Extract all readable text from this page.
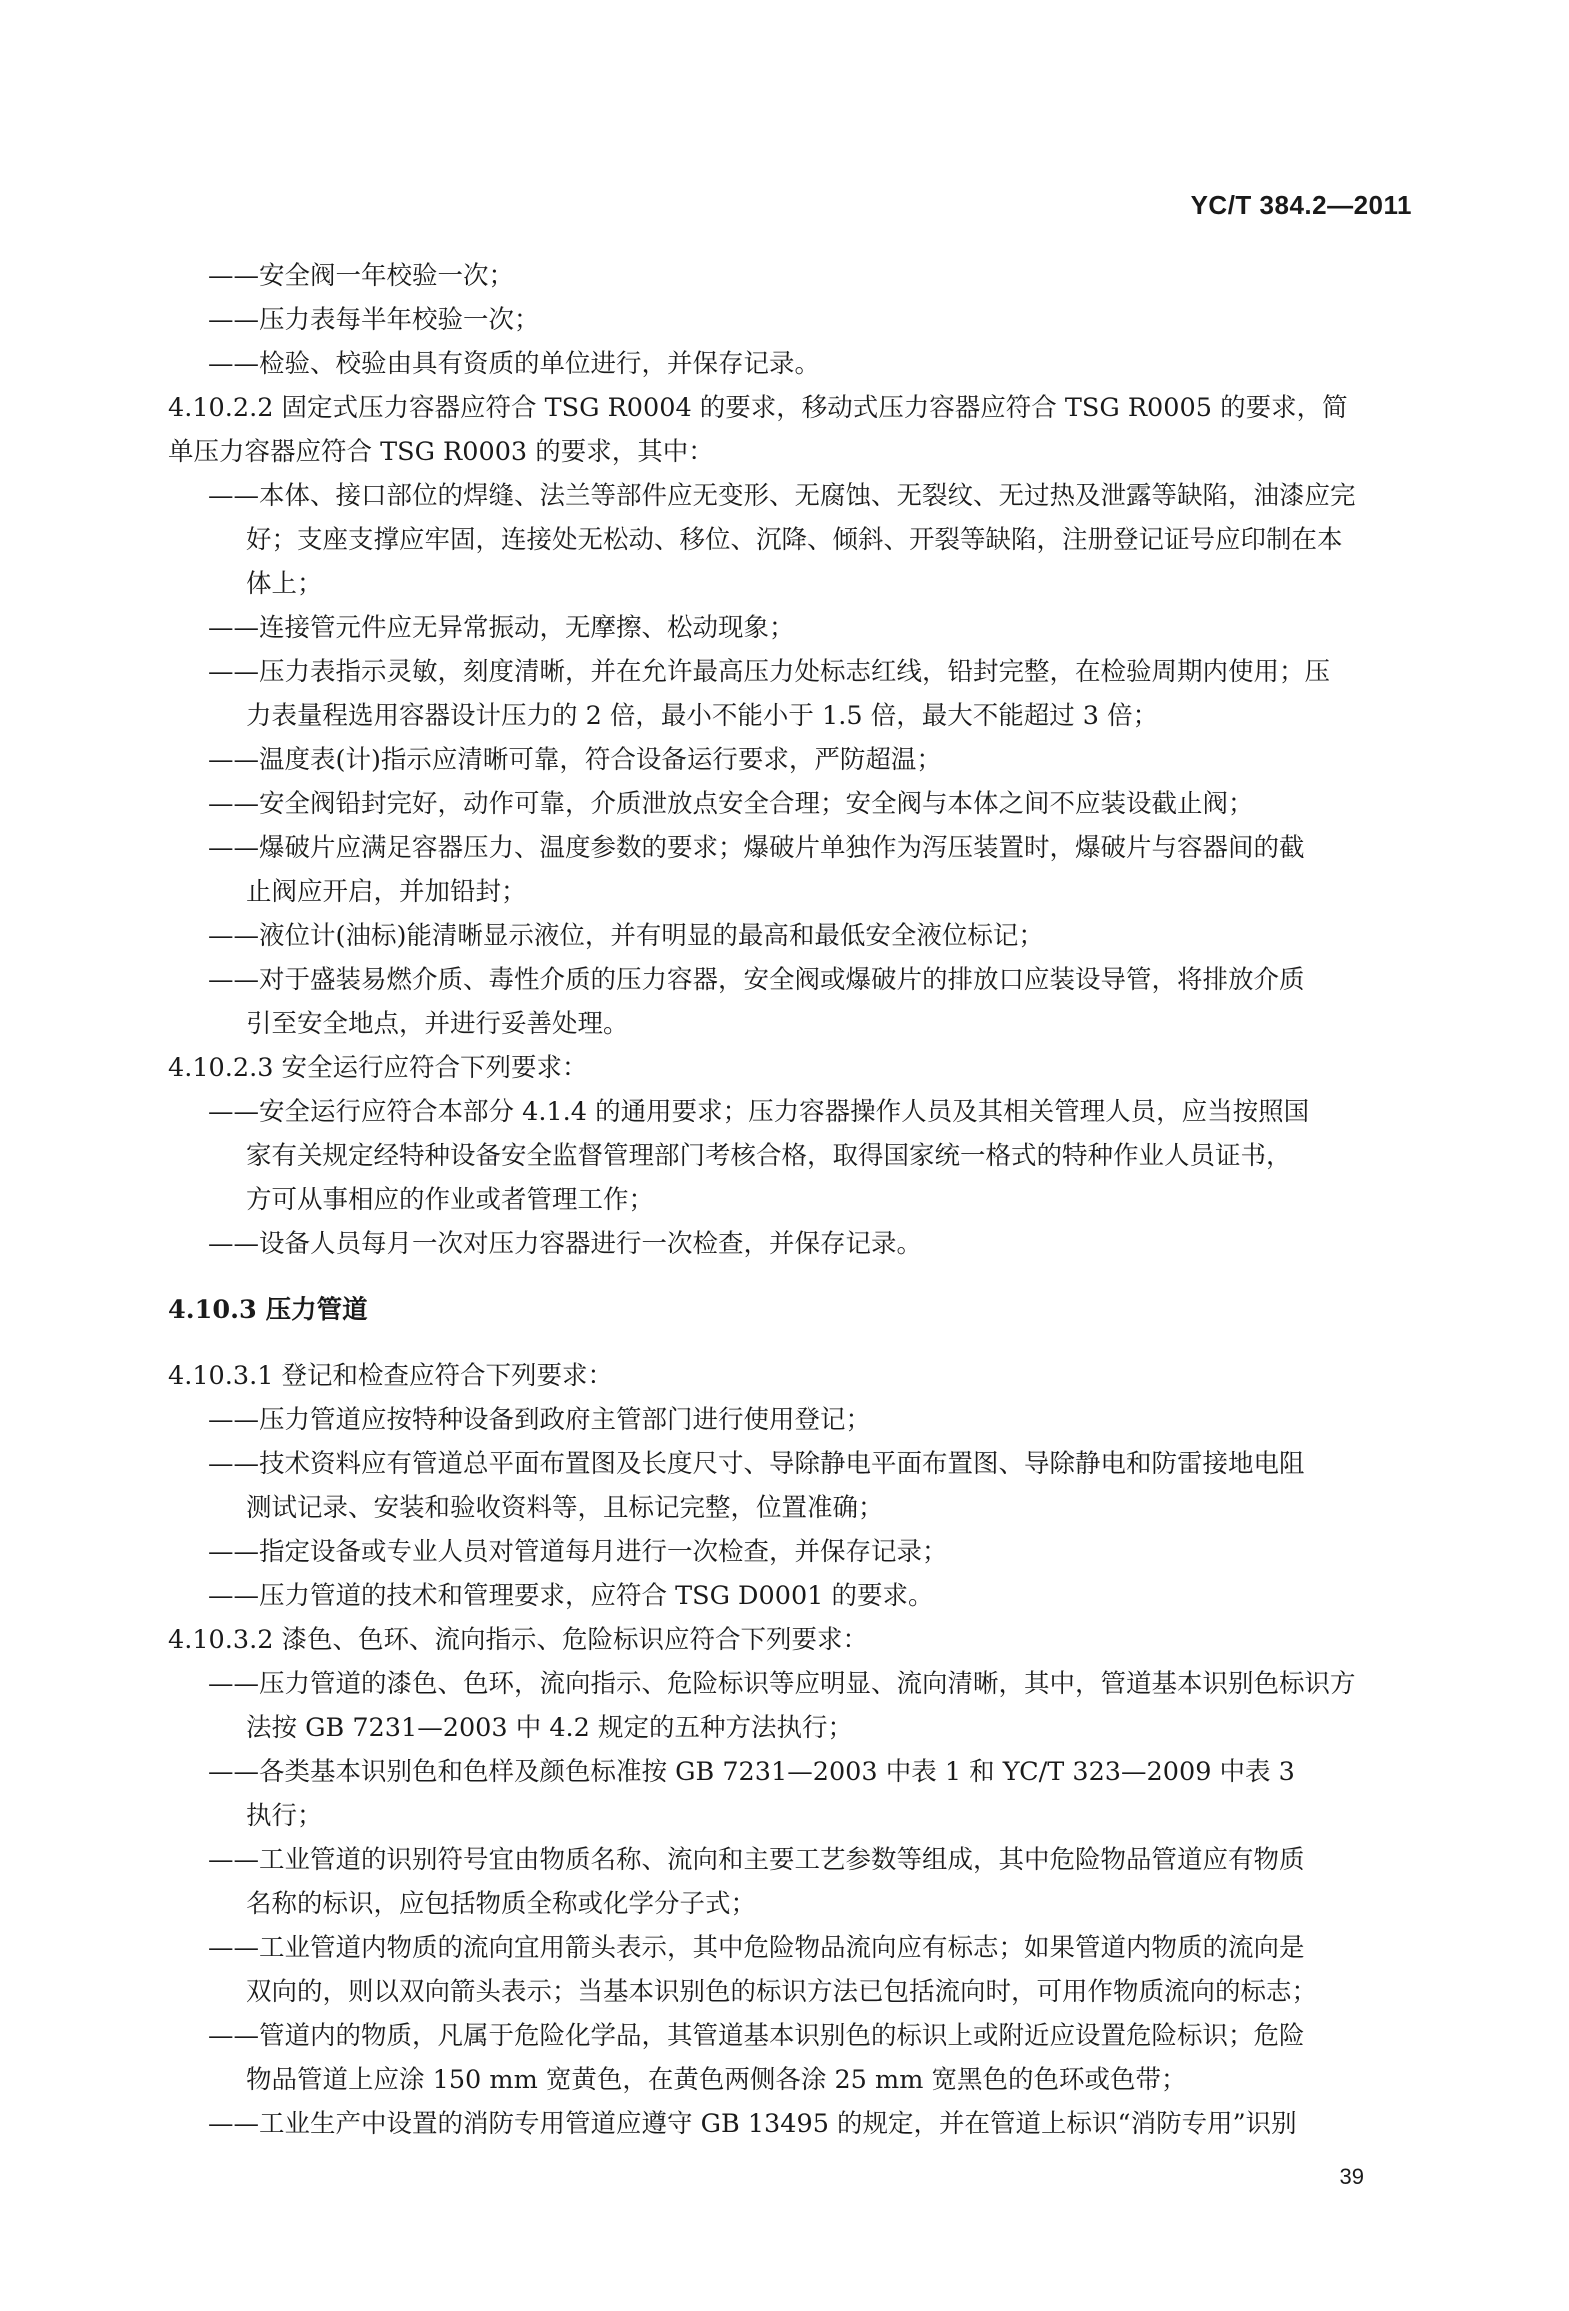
YC/T 384.2—2011
——安全阀一年校验一次；
——压力表每半年校验一次；
——检验、校验由具有资质的单位进行，并保存记录。
4.10.2.2 固定式压力容器应符合 TSG R0004 的要求，移动式压力容器应符合 TSG R0005 的要求，简
单压力容器应符合 TSG R0003 的要求，其中：
——本体、接口部位的焊缝、法兰等部件应无变形、无腐蚀、无裂纹、无过热及泄露等缺陷，油漆应完
好；支座支撑应牢固，连接处无松动、移位、沉降、倾斜、开裂等缺陷，注册登记证号应印制在本
体上；
——连接管元件应无异常振动，无摩擦、松动现象；
——压力表指示灵敏，刻度清晰，并在允许最高压力处标志红线，铅封完整，在检验周期内使用；压
力表量程选用容器设计压力的 2 倍，最小不能小于 1.5 倍，最大不能超过 3 倍；
——温度表(计)指示应清晰可靠，符合设备运行要求，严防超温；
——安全阀铅封完好，动作可靠，介质泄放点安全合理；安全阀与本体之间不应装设截止阀；
——爆破片应满足容器压力、温度参数的要求；爆破片单独作为泻压装置时，爆破片与容器间的截
止阀应开启，并加铅封；
——液位计(油标)能清晰显示液位，并有明显的最高和最低安全液位标记；
——对于盛装易燃介质、毒性介质的压力容器，安全阀或爆破片的排放口应装设导管，将排放介质
引至安全地点，并进行妥善处理。
4.10.2.3 安全运行应符合下列要求：
——安全运行应符合本部分 4.1.4 的通用要求；压力容器操作人员及其相关管理人员，应当按照国
家有关规定经特种设备安全监督管理部门考核合格，取得国家统一格式的特种作业人员证书，
方可从事相应的作业或者管理工作；
——设备人员每月一次对压力容器进行一次检查，并保存记录。
4.10.3 压力管道
4.10.3.1 登记和检查应符合下列要求：
——压力管道应按特种设备到政府主管部门进行使用登记；
——技术资料应有管道总平面布置图及长度尺寸、导除静电平面布置图、导除静电和防雷接地电阻
测试记录、安装和验收资料等，且标记完整，位置准确；
——指定设备或专业人员对管道每月进行一次检查，并保存记录；
——压力管道的技术和管理要求，应符合 TSG D0001 的要求。
4.10.3.2 漆色、色环、流向指示、危险标识应符合下列要求：
——压力管道的漆色、色环，流向指示、危险标识等应明显、流向清晰，其中，管道基本识别色标识方
法按 GB 7231—2003 中 4.2 规定的五种方法执行；
——各类基本识别色和色样及颜色标准按 GB 7231—2003 中表 1 和 YC/T 323—2009 中表 3
执行；
——工业管道的识别符号宜由物质名称、流向和主要工艺参数等组成，其中危险物品管道应有物质
名称的标识，应包括物质全称或化学分子式；
——工业管道内物质的流向宜用箭头表示，其中危险物品流向应有标志；如果管道内物质的流向是
双向的，则以双向箭头表示；当基本识别色的标识方法已包括流向时，可用作物质流向的标志；
——管道内的物质，凡属于危险化学品，其管道基本识别色的标识上或附近应设置危险标识；危险
物品管道上应涂 150 mm 宽黄色，在黄色两侧各涂 25 mm 宽黑色的色环或色带；
——工业生产中设置的消防专用管道应遵守 GB 13495 的规定，并在管道上标识“消防专用”识别
39
